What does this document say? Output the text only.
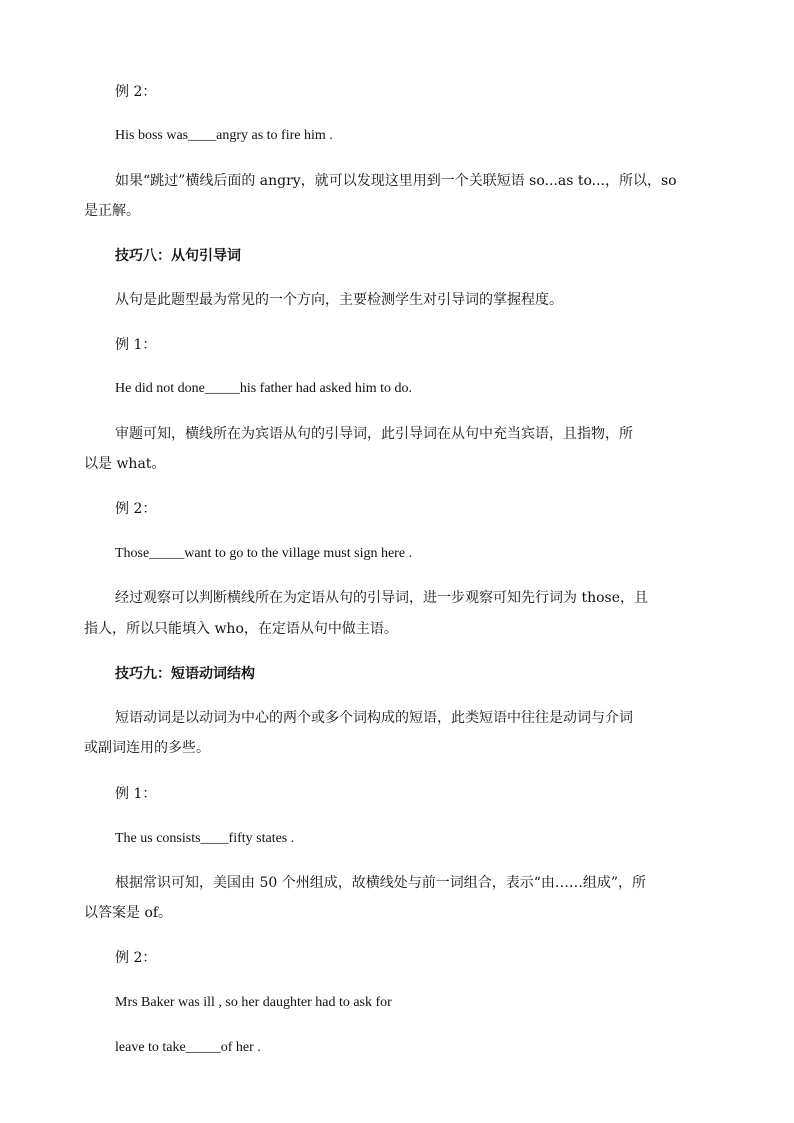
例 2：
His boss was____angry as to fire him .
如果“跳过”横线后面的 angry，就可以发现这里用到一个关联短语 so...as to...，所以，so
是正解。
技巧八：从句引导词
从句是此题型最为常见的一个方向，主要检测学生对引导词的掌握程度。
例 1：
He did not done_____his father had asked him to do.
审题可知，横线所在为宾语从句的引导词，此引导词在从句中充当宾语，且指物，所
以是 what。
例 2：
Those_____want to go to the village must sign here .
经过观察可以判断横线所在为定语从句的引导词，进一步观察可知先行词为 those，且
指人，所以只能填入 who，在定语从句中做主语。
技巧九：短语动词结构
短语动词是以动词为中心的两个或多个词构成的短语，此类短语中往往是动词与介词
或副词连用的多些。
例 1：
The us consists____fifty states .
根据常识可知，美国由 50 个州组成，故横线处与前一词组合，表示“由……组成”，所
以答案是 of。
例 2：
Mrs Baker was ill , so her daughter had to ask for
leave to take_____of her .
